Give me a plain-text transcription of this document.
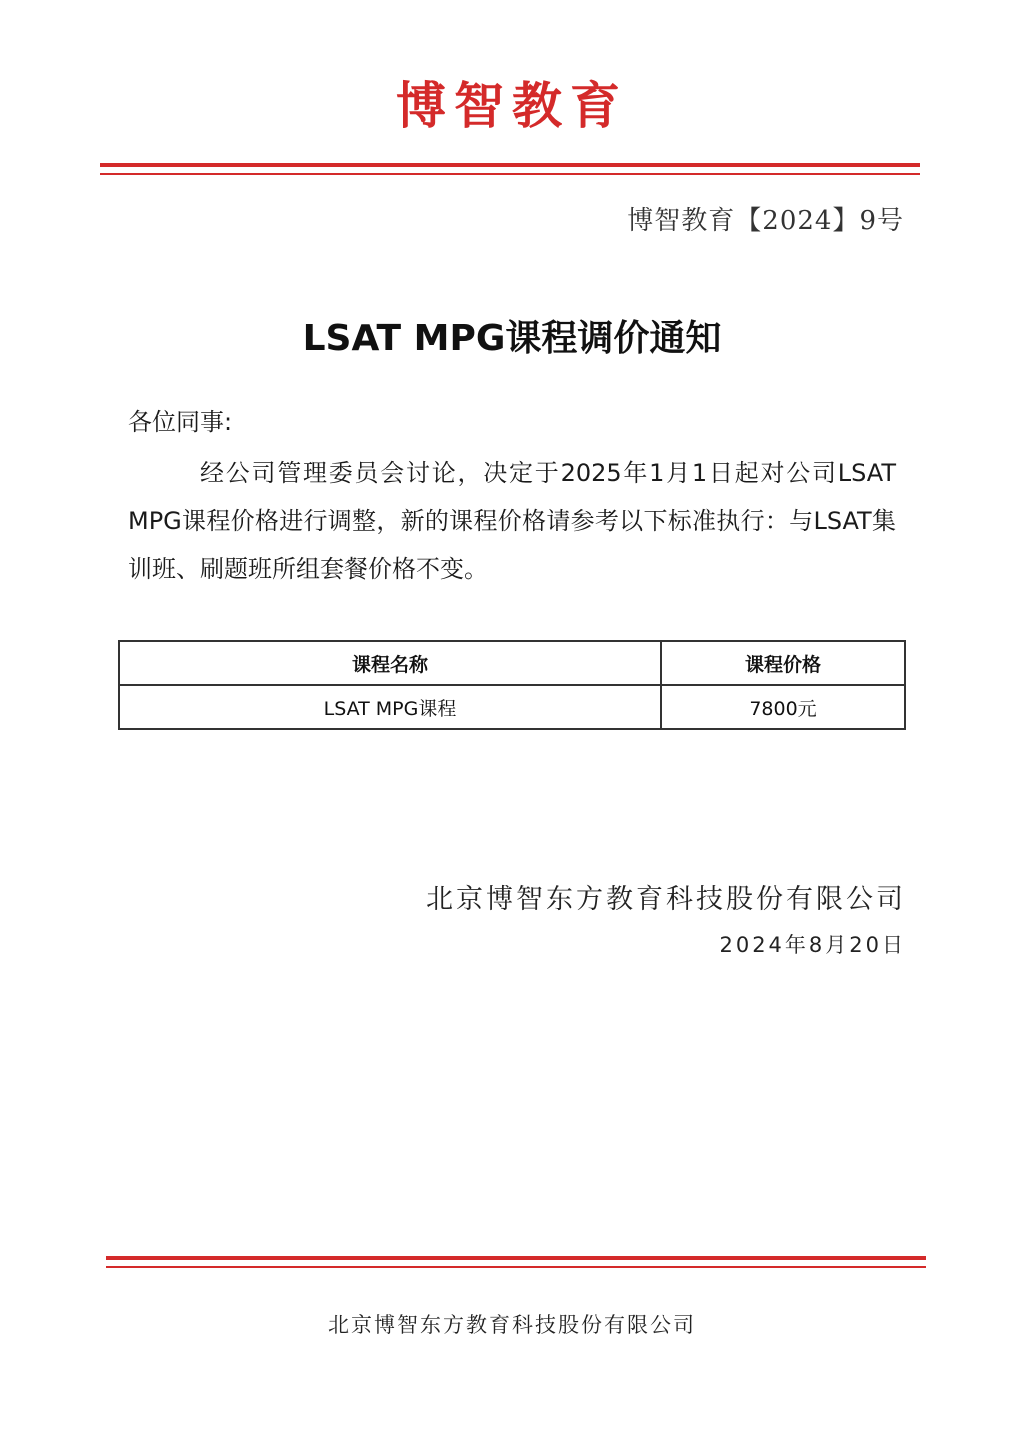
博智教育
博智教育【2024】9号
LSAT MPG课程调价通知
各位同事:
经公司管理委员会讨论，决定于2025年1月1日起对公司LSAT MPG课程价格进行调整，新的课程价格请参考以下标准执行：与LSAT集训班、刷题班所组套餐价格不变。
课程名称	课程价格
LSAT MPG课程	7800元
北京博智东方教育科技股份有限公司
2024年8月20日
北京博智东方教育科技股份有限公司
